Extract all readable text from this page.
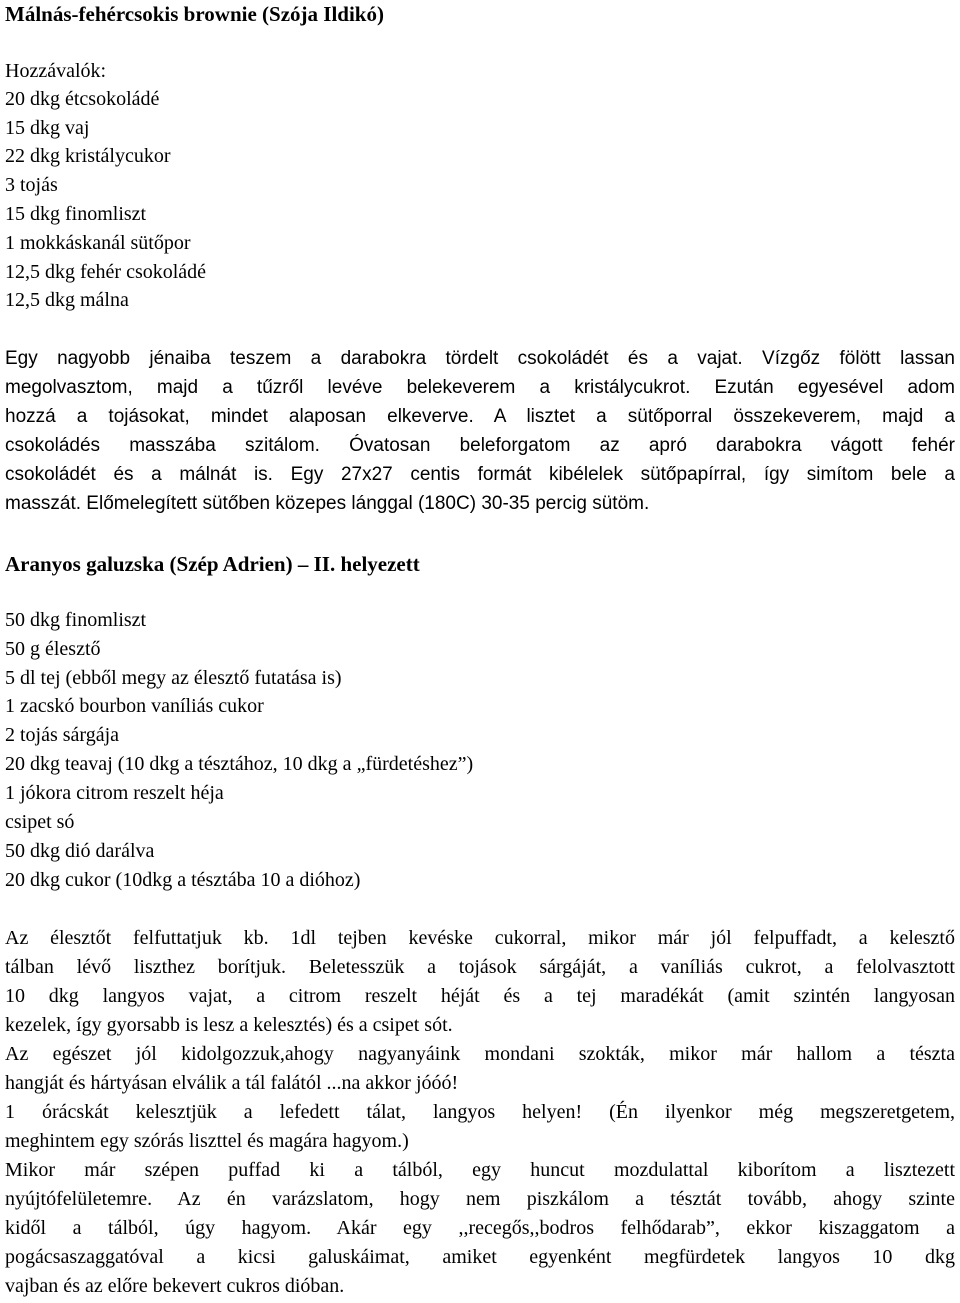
Málnás-fehércsokis brownie (Szója Ildikó)
Hozzávalók:
20 dkg étcsokoládé
15 dkg vaj
22 dkg kristálycukor
3 tojás
15 dkg finomliszt
1 mokkáskanál sütőpor
12,5 dkg fehér csokoládé
12,5 dkg málna
Egy nagyobb jénaiba teszem a darabokra tördelt csokoládét és a vajat. Vízgőz fölött lassan
megolvasztom, majd a tűzről levéve belekeverem a kristálycukrot. Ezután egyesével adom
hozzá a tojásokat, mindet alaposan elkeverve. A lisztet a sütőporral összekeverem, majd a
csokoládés masszába szitálom. Óvatosan beleforgatom az apró darabokra vágott fehér
csokoládét és a málnát is. Egy 27x27 centis formát kibélelek sütőpapírral, így simítom bele a
masszát. Előmelegített sütőben közepes lánggal (180C) 30-35 percig sütöm.
Aranyos galuzska (Szép Adrien) – II. helyezett
50 dkg finomliszt
50 g élesztő
5 dl tej (ebből megy az élesztő futatása is)
1 zacskó bourbon vaníliás cukor
2 tojás sárgája
20 dkg teavaj (10 dkg a tésztához, 10 dkg a „fürdetéshez”)
1 jókora citrom reszelt héja
csipet só
50 dkg dió darálva
20 dkg cukor (10dkg a tésztába 10 a dióhoz)
Az élesztőt felfuttatjuk kb. 1dl tejben kevéske cukorral, mikor már jól felpuffadt, a kelesztő
tálban lévő liszthez borítjuk. Beletesszük a tojások sárgáját, a vaníliás cukrot, a felolvasztott
10 dkg langyos vajat, a citrom reszelt héját és a tej maradékát (amit szintén langyosan
kezelek, így gyorsabb is lesz a kelesztés) és a csipet sót.
Az egészet jól kidolgozzuk,ahogy nagyanyáink mondani szokták, mikor már hallom a tészta
hangját és hártyásan elválik a tál falától ...na akkor jóóó!
1 órácskát kelesztjük a lefedett tálat, langyos helyen! (Én ilyenkor még megszeretgetem,
meghintem egy szórás liszttel és magára hagyom.)
Mikor már szépen puffad ki a tálból, egy huncut mozdulattal kiborítom a lisztezett
nyújtófelületemre. Az én varázslatom, hogy nem piszkálom a tésztát tovább, ahogy szinte
kidől a tálból, úgy hagyom. Akár egy ,,recegős,,bodros felhődarab”, ekkor kiszaggatom a
pogácsaszaggatóval a kicsi galuskáimat, amiket egyenként megfürdetek langyos 10 dkg
vajban és az előre bekevert cukros dióban.
